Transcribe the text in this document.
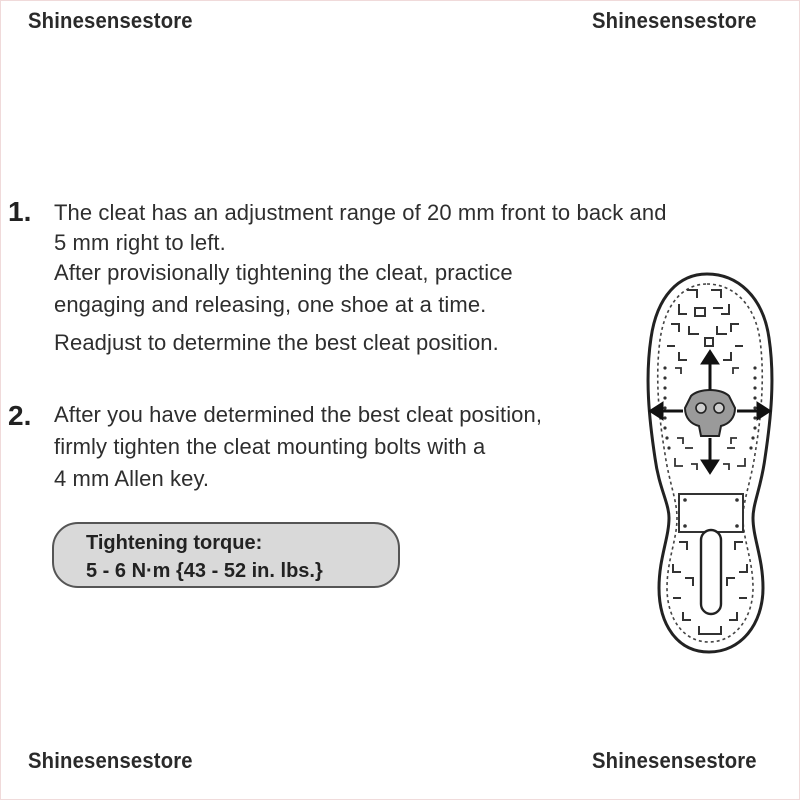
Shinesensestore	Shinesensestore
Shinesensestore	Shinesensestore
1. The cleat has an adjustment range of 20 mm front to back and
5 mm right to left.
After provisionally tightening the cleat, practice
engaging and releasing, one shoe at a time.
Readjust to determine the best cleat position.
2. After you have determined the best cleat position,
firmly tighten the cleat mounting bolts with a
4 mm Allen key.
Tightening torque:
5 - 6 N·m {43 - 52 in. lbs.}
